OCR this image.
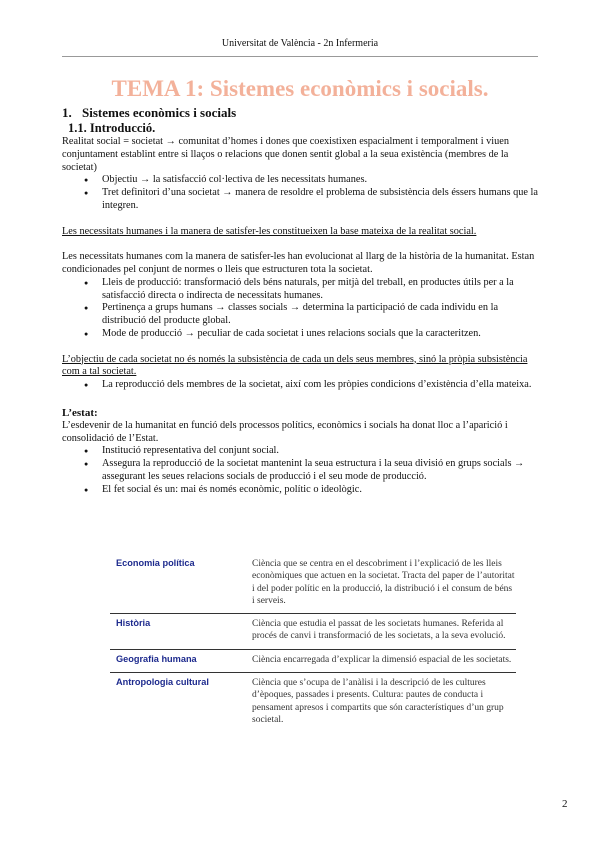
Universitat de València - 2n Infermeria
TEMA 1: Sistemes econòmics i socials.
1. Sistemes econòmics i socials
1.1. Introducció.

Realitat social = societat → comunitat d’homes i dones que coexistixen espacialment i temporalment i viuen conjuntament establint entre si llaços o relacions que donen sentit global a la seua existència (membres de la societat)

● Objectiu → la satisfacció col·lectiva de les necessitats humanes.
● Tret definitori d’una societat → manera de resoldre el problema de subsistència dels éssers humans que la integren.

Les necessitats humanes i la manera de satisfer-les constitueixen la base mateixa de la realitat social.

Les necessitats humanes com la manera de satisfer-les han evolucionat al llarg de la història de la humanitat. Estan condicionades pel conjunt de normes o lleis que estructuren tota la societat.

● Lleis de producció: transformació dels béns naturals, per mitjà del treball, en productes útils per a la satisfacció directa o indirecta de necessitats humanes.
● Pertinença a grups humans → classes socials → determina la participació de cada individu en la distribució del producte global.
● Mode de producció → peculiar de cada societat i unes relacions socials que la caracteritzen.

L’objectiu de cada societat no és només la subsistència de cada un dels seus membres, sinó la pròpia subsistència com a tal societat.

● La reproducció dels membres de la societat, així com les pròpies condicions d’existència d’ella mateixa.
L’estat:

L’esdevenir de la humanitat en funció dels processos polítics, econòmics i socials ha donat lloc a l’aparició i consolidació de l’Estat.

● Institució representativa del conjunt social.
● Assegura la reproducció de la societat mantenint la seua estructura i la seua divisió en grups socials → assegurant les seues relacions socials de producció i el seu mode de producció.
● El fet social és un: mai és només econòmic, polític o ideològic.
Economia política	Ciència que se centra en el descobriment i l’explicació de les lleis econòmiques que actuen en la societat. Tracta del paper de l’autoritat i del poder polític en la producció, la distribució i el consum de béns i serveis.
Història	Ciència que estudia el passat de les societats humanes. Referida al procés de canvi i transformació de les societats, a la seva evolució.
Geografia humana	Ciència encarregada d’explicar la dimensió espacial de les societats.
Antropologia cultural	Ciència que s’ocupa de l’anàlisi i la descripció de les cultures d’èpoques, passades i presents. Cultura: pautes de conducta i pensament apresos i compartits que són característiques d’un grup societal.
2
